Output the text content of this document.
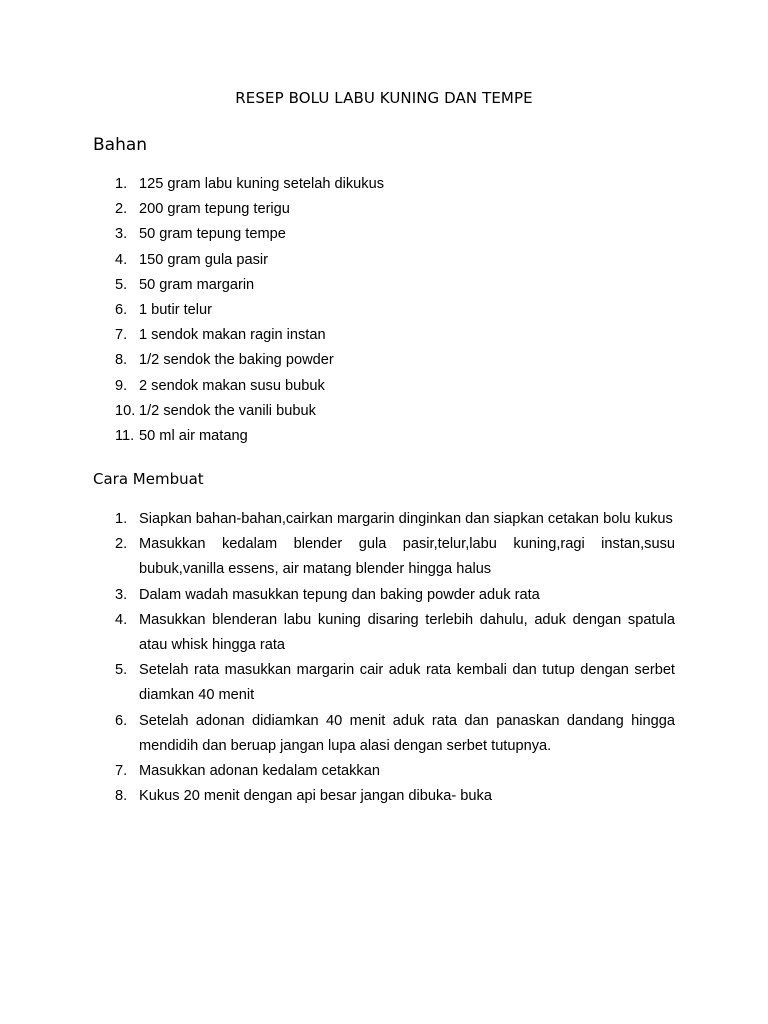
RESEP BOLU LABU KUNING DAN TEMPE
Bahan
1. 125 gram labu kuning setelah dikukus
2. 200 gram tepung terigu
3. 50 gram tepung tempe
4. 150 gram gula pasir
5. 50 gram margarin
6. 1 butir telur
7. 1 sendok makan ragin instan
8. 1/2 sendok the baking powder
9. 2 sendok makan susu bubuk
10. 1/2 sendok the vanili bubuk
11. 50 ml air matang
Cara Membuat
1. Siapkan bahan-bahan,cairkan margarin dinginkan dan siapkan cetakan bolu kukus
2. Masukkan kedalam blender gula pasir,telur,labu kuning,ragi instan,susu bubuk,vanilla essens, air matang blender hingga halus
3. Dalam wadah masukkan tepung dan baking powder aduk rata
4. Masukkan blenderan labu kuning disaring terlebih dahulu, aduk dengan spatula atau whisk hingga rata
5. Setelah rata masukkan margarin cair aduk rata kembali dan tutup dengan serbet diamkan 40 menit
6. Setelah adonan didiamkan 40 menit aduk rata dan panaskan dandang hingga mendidih dan beruap jangan lupa alasi dengan serbet tutupnya.
7. Masukkan adonan kedalam cetakkan
8. Kukus 20 menit dengan api besar jangan dibuka- buka
